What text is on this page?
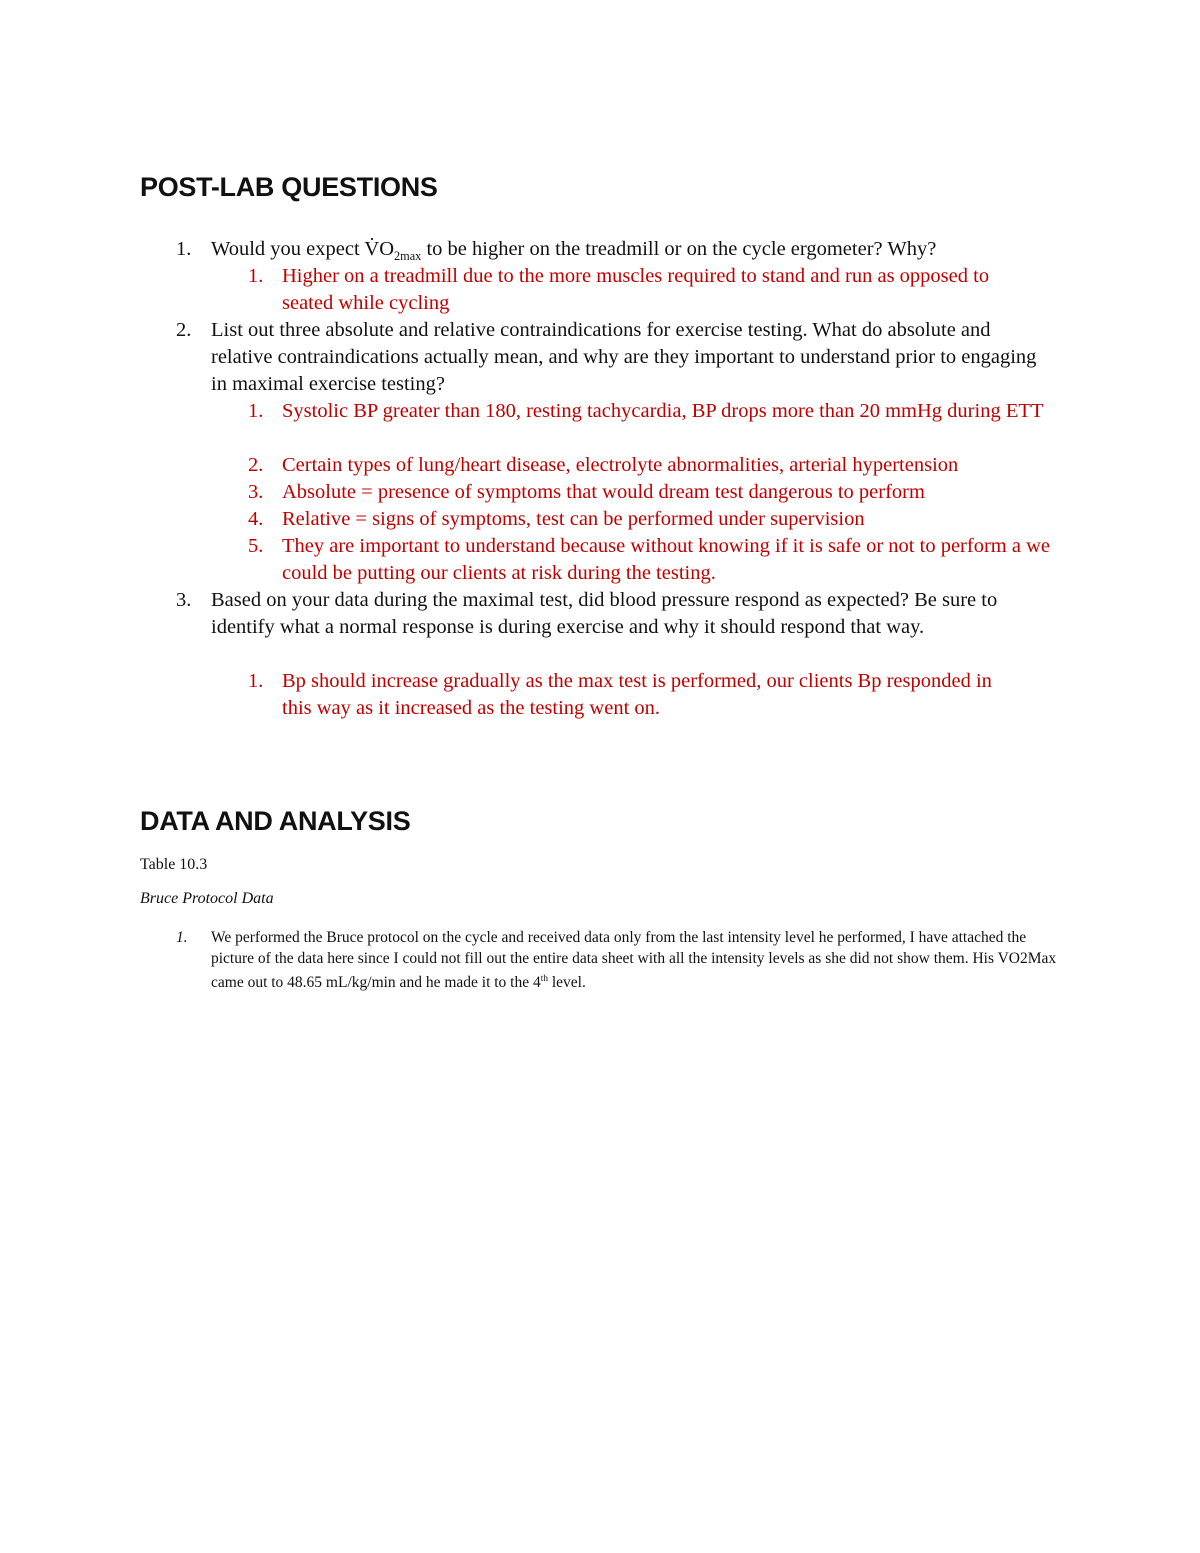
POST-LAB QUESTIONS
1. Would you expect $V̇O_{2max}$ to be higher on the treadmill or on the cycle ergometer? Why?
1. Higher on a treadmill due to the more muscles required to stand and run as opposed to seated while cycling
2. List out three absolute and relative contraindications for exercise testing. What do absolute and relative contraindications actually mean, and why are they important to understand prior to engaging in maximal exercise testing?
1. Systolic BP greater than 180, resting tachycardia, BP drops more than 20 mmHg during ETT
2. Certain types of lung/heart disease, electrolyte abnormalities, arterial hypertension
3. Absolute = presence of symptoms that would dream test dangerous to perform
4. Relative = signs of symptoms, test can be performed under supervision
5. They are important to understand because without knowing if it is safe or not to perform a we could be putting our clients at risk during the testing.
3. Based on your data during the maximal test, did blood pressure respond as expected? Be sure to identify what a normal response is during exercise and why it should respond that way.
1. Bp should increase gradually as the max test is performed, our clients Bp responded in this way as it increased as the testing went on.
DATA AND ANALYSIS
Table 10.3
Bruce Protocol Data
1. We performed the Bruce protocol on the cycle and received data only from the last intensity level he performed, I have attached the picture of the data here since I could not fill out the entire data sheet with all the intensity levels as she did not show them. His VO2Max came out to 48.65 mL/kg/min and he made it to the 4th level.
